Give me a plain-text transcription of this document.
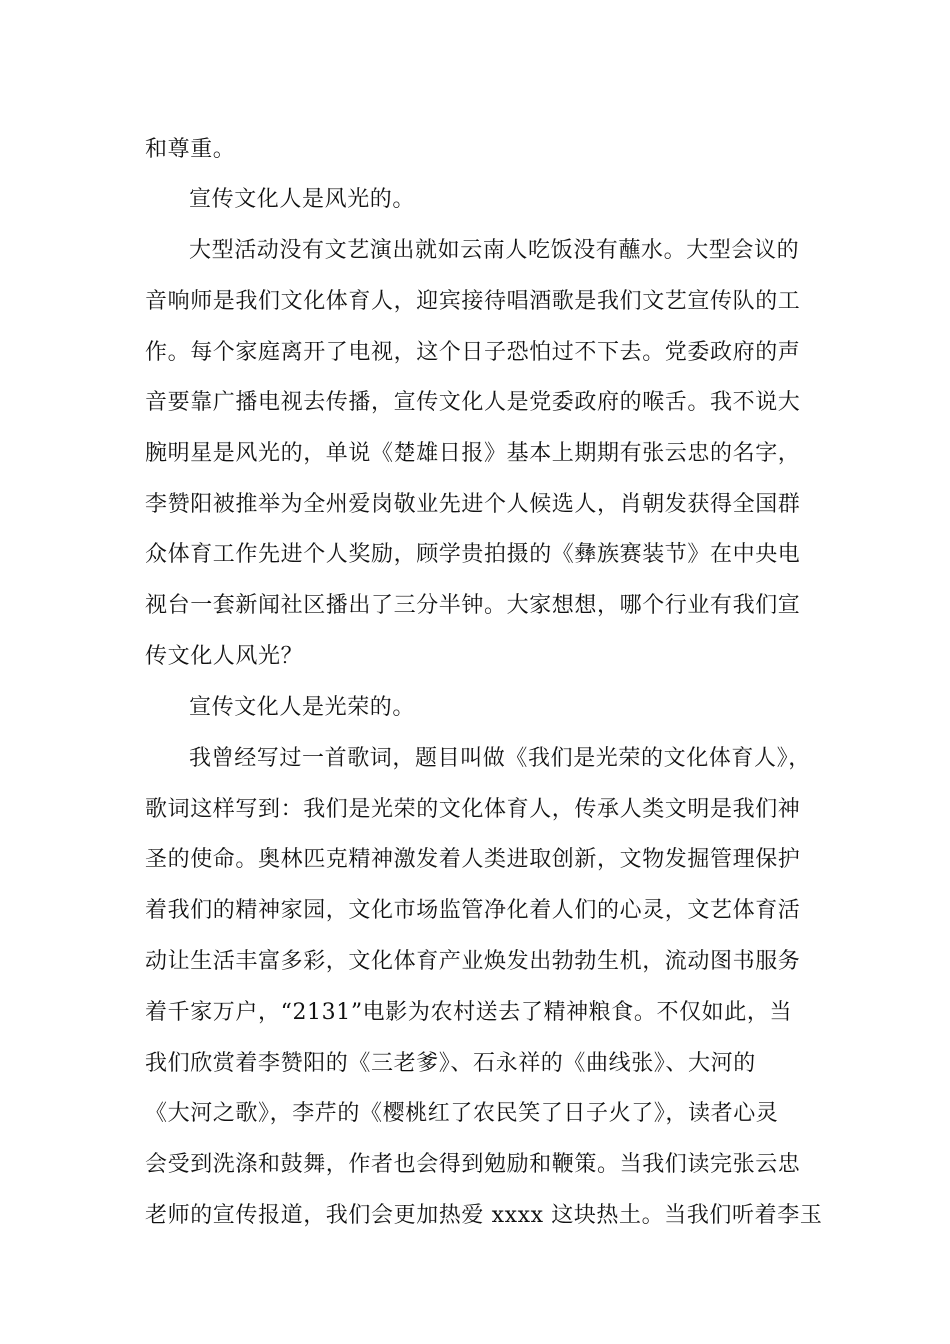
和尊重。
宣传文化人是风光的。
大型活动没有文艺演出就如云南人吃饭没有蘸水。大型会议的
音响师是我们文化体育人，迎宾接待唱酒歌是我们文艺宣传队的工
作。每个家庭离开了电视，这个日子恐怕过不下去。党委政府的声
音要靠广播电视去传播，宣传文化人是党委政府的喉舌。我不说大
腕明星是风光的，单说《楚雄日报》基本上期期有张云忠的名字，
李赞阳被推举为全州爱岗敬业先进个人候选人，肖朝发获得全国群
众体育工作先进个人奖励，顾学贵拍摄的《彝族赛装节》在中央电
视台一套新闻社区播出了三分半钟。大家想想，哪个行业有我们宣
传文化人风光？
宣传文化人是光荣的。
我曾经写过一首歌词，题目叫做《我们是光荣的文化体育人》，
歌词这样写到：我们是光荣的文化体育人，传承人类文明是我们神
圣的使命。奥林匹克精神激发着人类进取创新，文物发掘管理保护
着我们的精神家园，文化市场监管净化着人们的心灵，文艺体育活
动让生活丰富多彩，文化体育产业焕发出勃勃生机，流动图书服务
着千家万户，“2131”电影为农村送去了精神粮食。不仅如此，当
我们欣赏着李赞阳的《三老爹》、石永祥的《曲线张》、大河的
《大河之歌》，李芹的《樱桃红了农民笑了日子火了》，读者心灵
会受到洗涤和鼓舞，作者也会得到勉励和鞭策。当我们读完张云忠
老师的宣传报道，我们会更加热爱 xxxx 这块热土。当我们听着李玉
